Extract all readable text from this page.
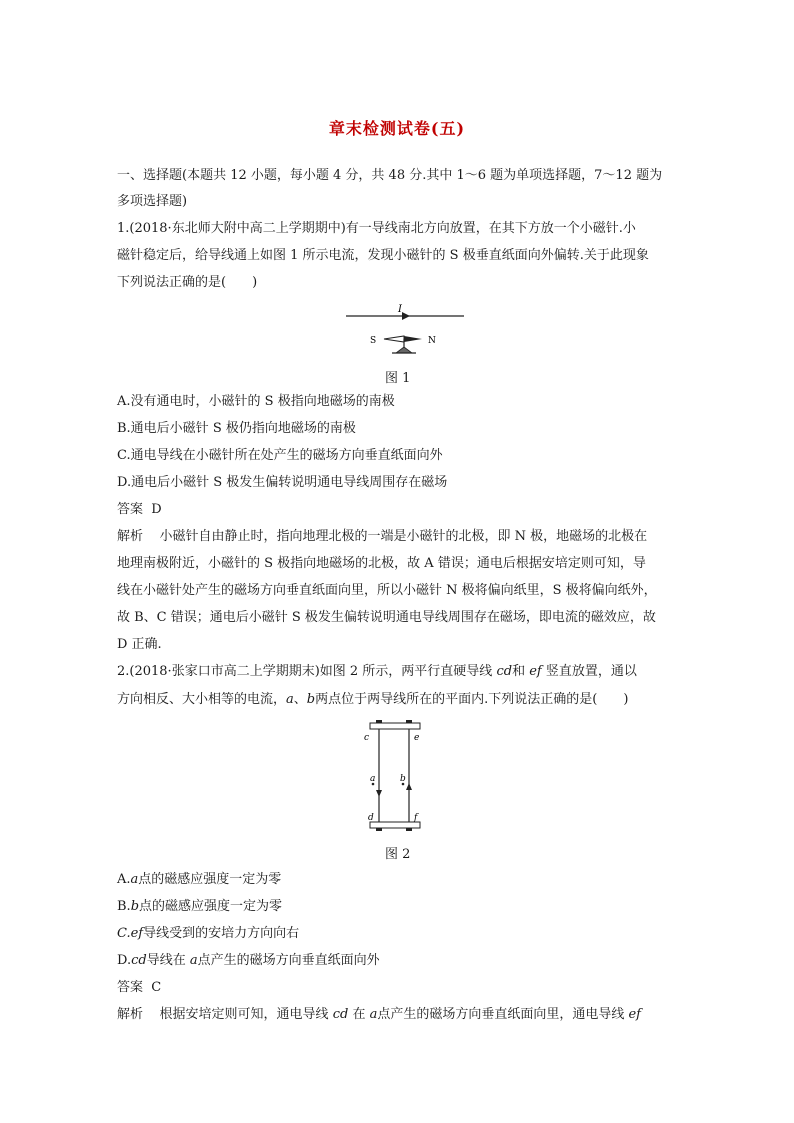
章末检测试卷(五)
一、选择题(本题共 12 小题，每小题 4 分，共 48 分.其中 1～6 题为单项选择题，7～12 题为
多项选择题)
1.(2018·东北师大附中高二上学期期中)有一导线南北方向放置，在其下方放一个小磁针.小
磁针稳定后，给导线通上如图 1 所示电流，发现小磁针的 S 极垂直纸面向外偏转.关于此现象
下列说法正确的是(　　)
I
S	N
图 1
A.没有通电时，小磁针的 S 极指向地磁场的南极
B.通电后小磁针 S 极仍指向地磁场的南极
C.通电导线在小磁针所在处产生的磁场方向垂直纸面向外
D.通电后小磁针 S 极发生偏转说明通电导线周围存在磁场
答案 D
解析 小磁针自由静止时，指向地理北极的一端是小磁针的北极，即 N 极，地磁场的北极在
地理南极附近，小磁针的 S 极指向地磁场的北极，故 A 错误；通电后根据安培定则可知，导
线在小磁针处产生的磁场方向垂直纸面向里，所以小磁针 N 极将偏向纸里，S 极将偏向纸外，
故 B、C 错误；通电后小磁针 S 极发生偏转说明通电导线周围存在磁场，即电流的磁效应，故
D 正确.
2.(2018·张家口市高二上学期期末)如图 2 所示，两平行直硬导线 cd和 ef 竖直放置，通以
方向相反、大小相等的电流，a、b两点位于两导线所在的平面内.下列说法正确的是(　　)
c	e
a	b
d	f
图 2
A.a点的磁感应强度一定为零
B.b点的磁感应强度一定为零
C.ef导线受到的安培力方向向右
D.cd导线在 a点产生的磁场方向垂直纸面向外
答案 C
解析 根据安培定则可知，通电导线 cd 在 a点产生的磁场方向垂直纸面向里，通电导线 ef
